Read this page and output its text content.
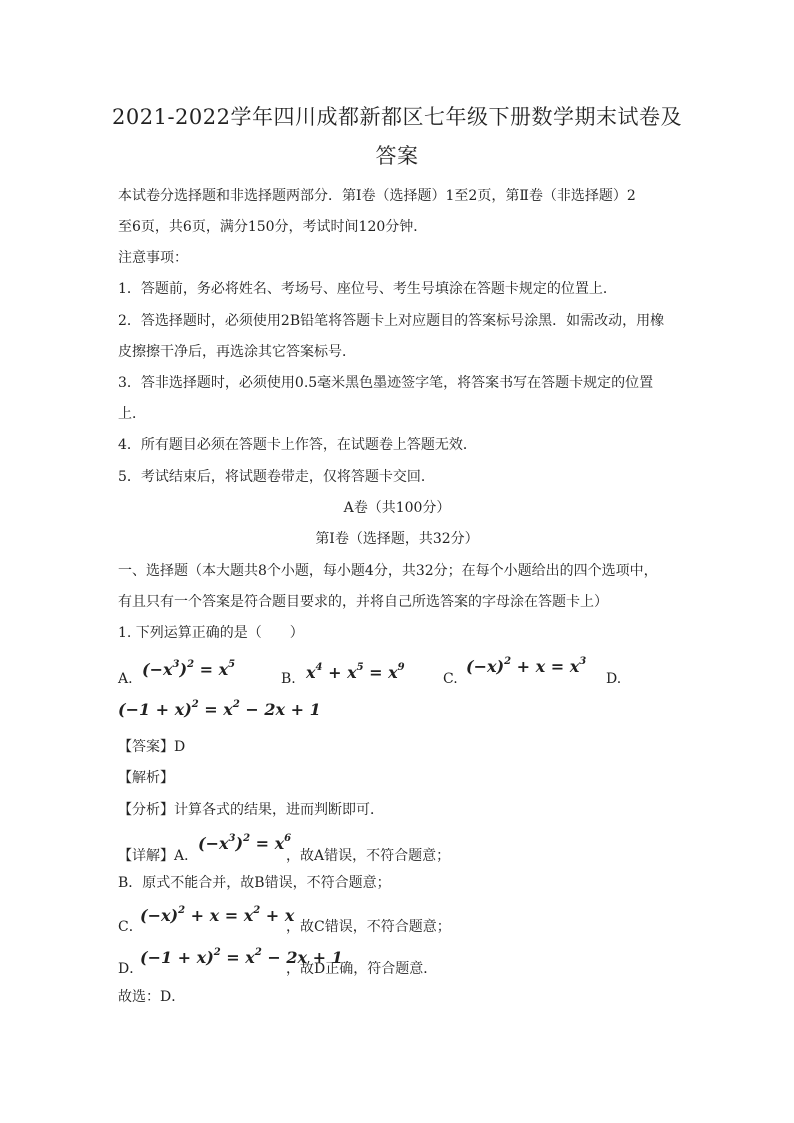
2021-2022学年四川成都新都区七年级下册数学期末试卷及
答案
本试卷分选择题和非选择题两部分．第Ⅰ卷（选择题）1至2页，第Ⅱ卷（非选择题）2
至6页，共6页，满分150分，考试时间120分钟．
注意事项：
1．答题前，务必将姓名、考场号、座位号、考生号填涂在答题卡规定的位置上．
2．答选择题时，必须使用2B铅笔将答题卡上对应题目的答案标号涂黑．如需改动，用橡
皮擦擦干净后，再选涂其它答案标号．
3．答非选择题时，必须使用0.5毫米黑色墨迹签字笔，将答案书写在答题卡规定的位置
上．
4．所有题目必须在答题卡上作答，在试题卷上答题无效．
5．考试结束后，将试题卷带走，仅将答题卡交回．
A卷（共100分）
第Ⅰ卷（选择题，共32分）
一、选择题（本大题共8个小题，每小题4分，共32分；在每个小题给出的四个选项中，
有且只有一个答案是符合题目要求的，并将自己所选答案的字母涂在答题卡上）
1. 下列运算正确的是（　　）
A. $(-x^3)^2 = x^5$
B. $x^4 + x^5 = x^9$
C.
$(-x)^2 + x = x^3$
D.
$(-1 + x)^2 = x^2 - 2x + 1$
【答案】D
【解析】
【分析】计算各式的结果，进而判断即可．
【详解】A．
$(-x^3)^2 = x^6$
，故A错误，不符合题意；
B．原式不能合并，故B错误，不符合题意；
C．
$(-x)^2 + x = x^2 + x$
，故C错误，不符合题意；
D．
$(-1 + x)^2 = x^2 - 2x + 1$
，故D正确，符合题意．
故选：D．
